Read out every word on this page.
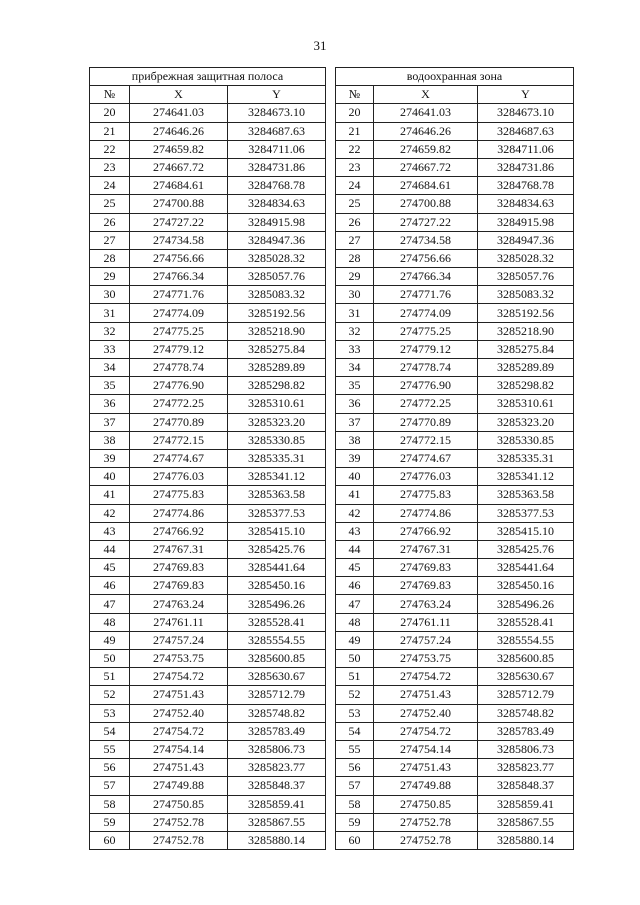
31
прибрежная защитная полоса				водоохранная зона		
№	X	Y		№	X	Y
20	274641.03	3284673.10		20	274641.03	3284673.10
21	274646.26	3284687.63		21	274646.26	3284687.63
22	274659.82	3284711.06		22	274659.82	3284711.06
23	274667.72	3284731.86		23	274667.72	3284731.86
24	274684.61	3284768.78		24	274684.61	3284768.78
25	274700.88	3284834.63		25	274700.88	3284834.63
26	274727.22	3284915.98		26	274727.22	3284915.98
27	274734.58	3284947.36		27	274734.58	3284947.36
28	274756.66	3285028.32		28	274756.66	3285028.32
29	274766.34	3285057.76		29	274766.34	3285057.76
30	274771.76	3285083.32		30	274771.76	3285083.32
31	274774.09	3285192.56		31	274774.09	3285192.56
32	274775.25	3285218.90		32	274775.25	3285218.90
33	274779.12	3285275.84		33	274779.12	3285275.84
34	274778.74	3285289.89		34	274778.74	3285289.89
35	274776.90	3285298.82		35	274776.90	3285298.82
36	274772.25	3285310.61		36	274772.25	3285310.61
37	274770.89	3285323.20		37	274770.89	3285323.20
38	274772.15	3285330.85		38	274772.15	3285330.85
39	274774.67	3285335.31		39	274774.67	3285335.31
40	274776.03	3285341.12		40	274776.03	3285341.12
41	274775.83	3285363.58		41	274775.83	3285363.58
42	274774.86	3285377.53		42	274774.86	3285377.53
43	274766.92	3285415.10		43	274766.92	3285415.10
44	274767.31	3285425.76		44	274767.31	3285425.76
45	274769.83	3285441.64		45	274769.83	3285441.64
46	274769.83	3285450.16		46	274769.83	3285450.16
47	274763.24	3285496.26		47	274763.24	3285496.26
48	274761.11	3285528.41		48	274761.11	3285528.41
49	274757.24	3285554.55		49	274757.24	3285554.55
50	274753.75	3285600.85		50	274753.75	3285600.85
51	274754.72	3285630.67		51	274754.72	3285630.67
52	274751.43	3285712.79		52	274751.43	3285712.79
53	274752.40	3285748.82		53	274752.40	3285748.82
54	274754.72	3285783.49		54	274754.72	3285783.49
55	274754.14	3285806.73		55	274754.14	3285806.73
56	274751.43	3285823.77		56	274751.43	3285823.77
57	274749.88	3285848.37		57	274749.88	3285848.37
58	274750.85	3285859.41		58	274750.85	3285859.41
59	274752.78	3285867.55		59	274752.78	3285867.55
60	274752.78	3285880.14		60	274752.78	3285880.14
